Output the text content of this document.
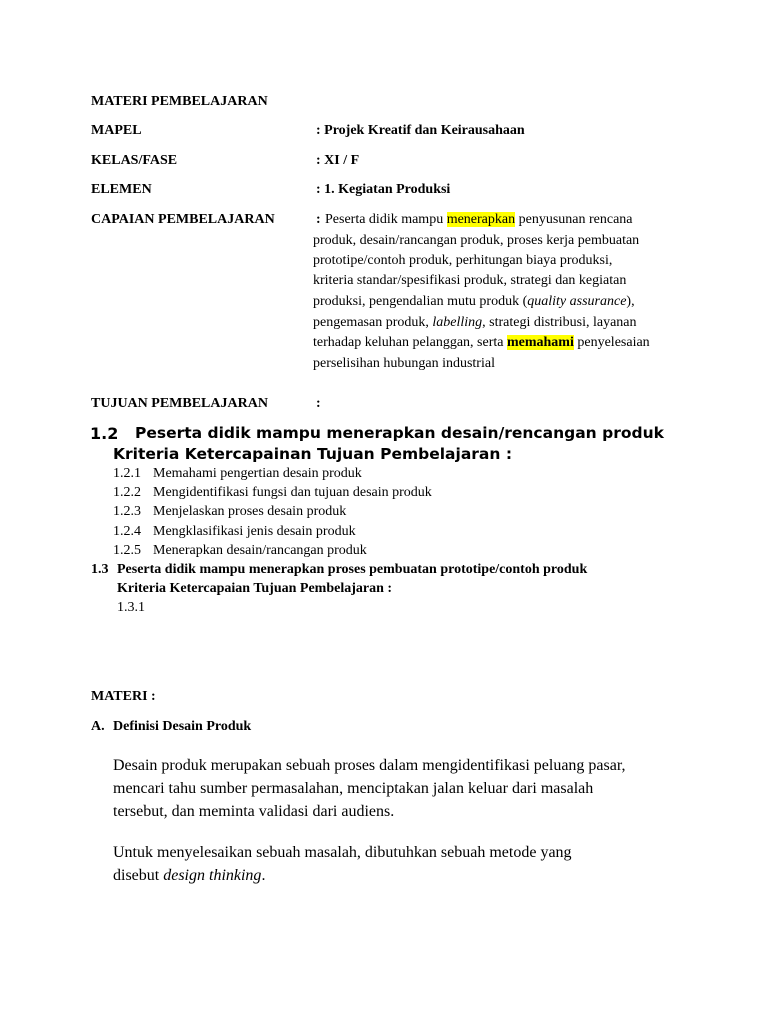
MATERI PEMBELAJARAN
MAPEL	: Projek Kreatif dan Keirausahaan
KELAS/FASE	: XI / F
ELEMEN	: 1. Kegiatan Produksi
CAPAIAN PEMBELAJARAN	: Peserta didik mampu menerapkan penyusunan rencana
produk, desain/rancangan produk, proses kerja pembuatan
prototipe/contoh produk, perhitungan biaya produksi,
kriteria standar/spesifikasi produk, strategi dan kegiatan
produksi, pengendalian mutu produk (quality assurance),
pengemasan produk, labelling, strategi distribusi, layanan
terhadap keluhan pelanggan, serta memahami penyelesaian
perselisihan hubungan industrial
TUJUAN PEMBELAJARAN	:
1.2 Peserta didik mampu menerapkan desain/rencangan produk
Kriteria Ketercapainan Tujuan Pembelajaran :
1.2.1 Memahami pengertian desain produk
1.2.2 Mengidentifikasi fungsi dan tujuan desain produk
1.2.3 Menjelaskan proses desain produk
1.2.4 Mengklasifikasi jenis desain produk
1.2.5 Menerapkan desain/rancangan produk
1.3 Peserta didik mampu menerapkan proses pembuatan prototipe/contoh produk
Kriteria Ketercapaian Tujuan Pembelajaran :
1.3.1
MATERI :
A. Definisi Desain Produk
Desain produk merupakan sebuah proses dalam mengidentifikasi peluang pasar,
mencari tahu sumber permasalahan, menciptakan jalan keluar dari masalah
tersebut, dan meminta validasi dari audiens.
Untuk menyelesaikan sebuah masalah, dibutuhkan sebuah metode yang
disebut design thinking.
